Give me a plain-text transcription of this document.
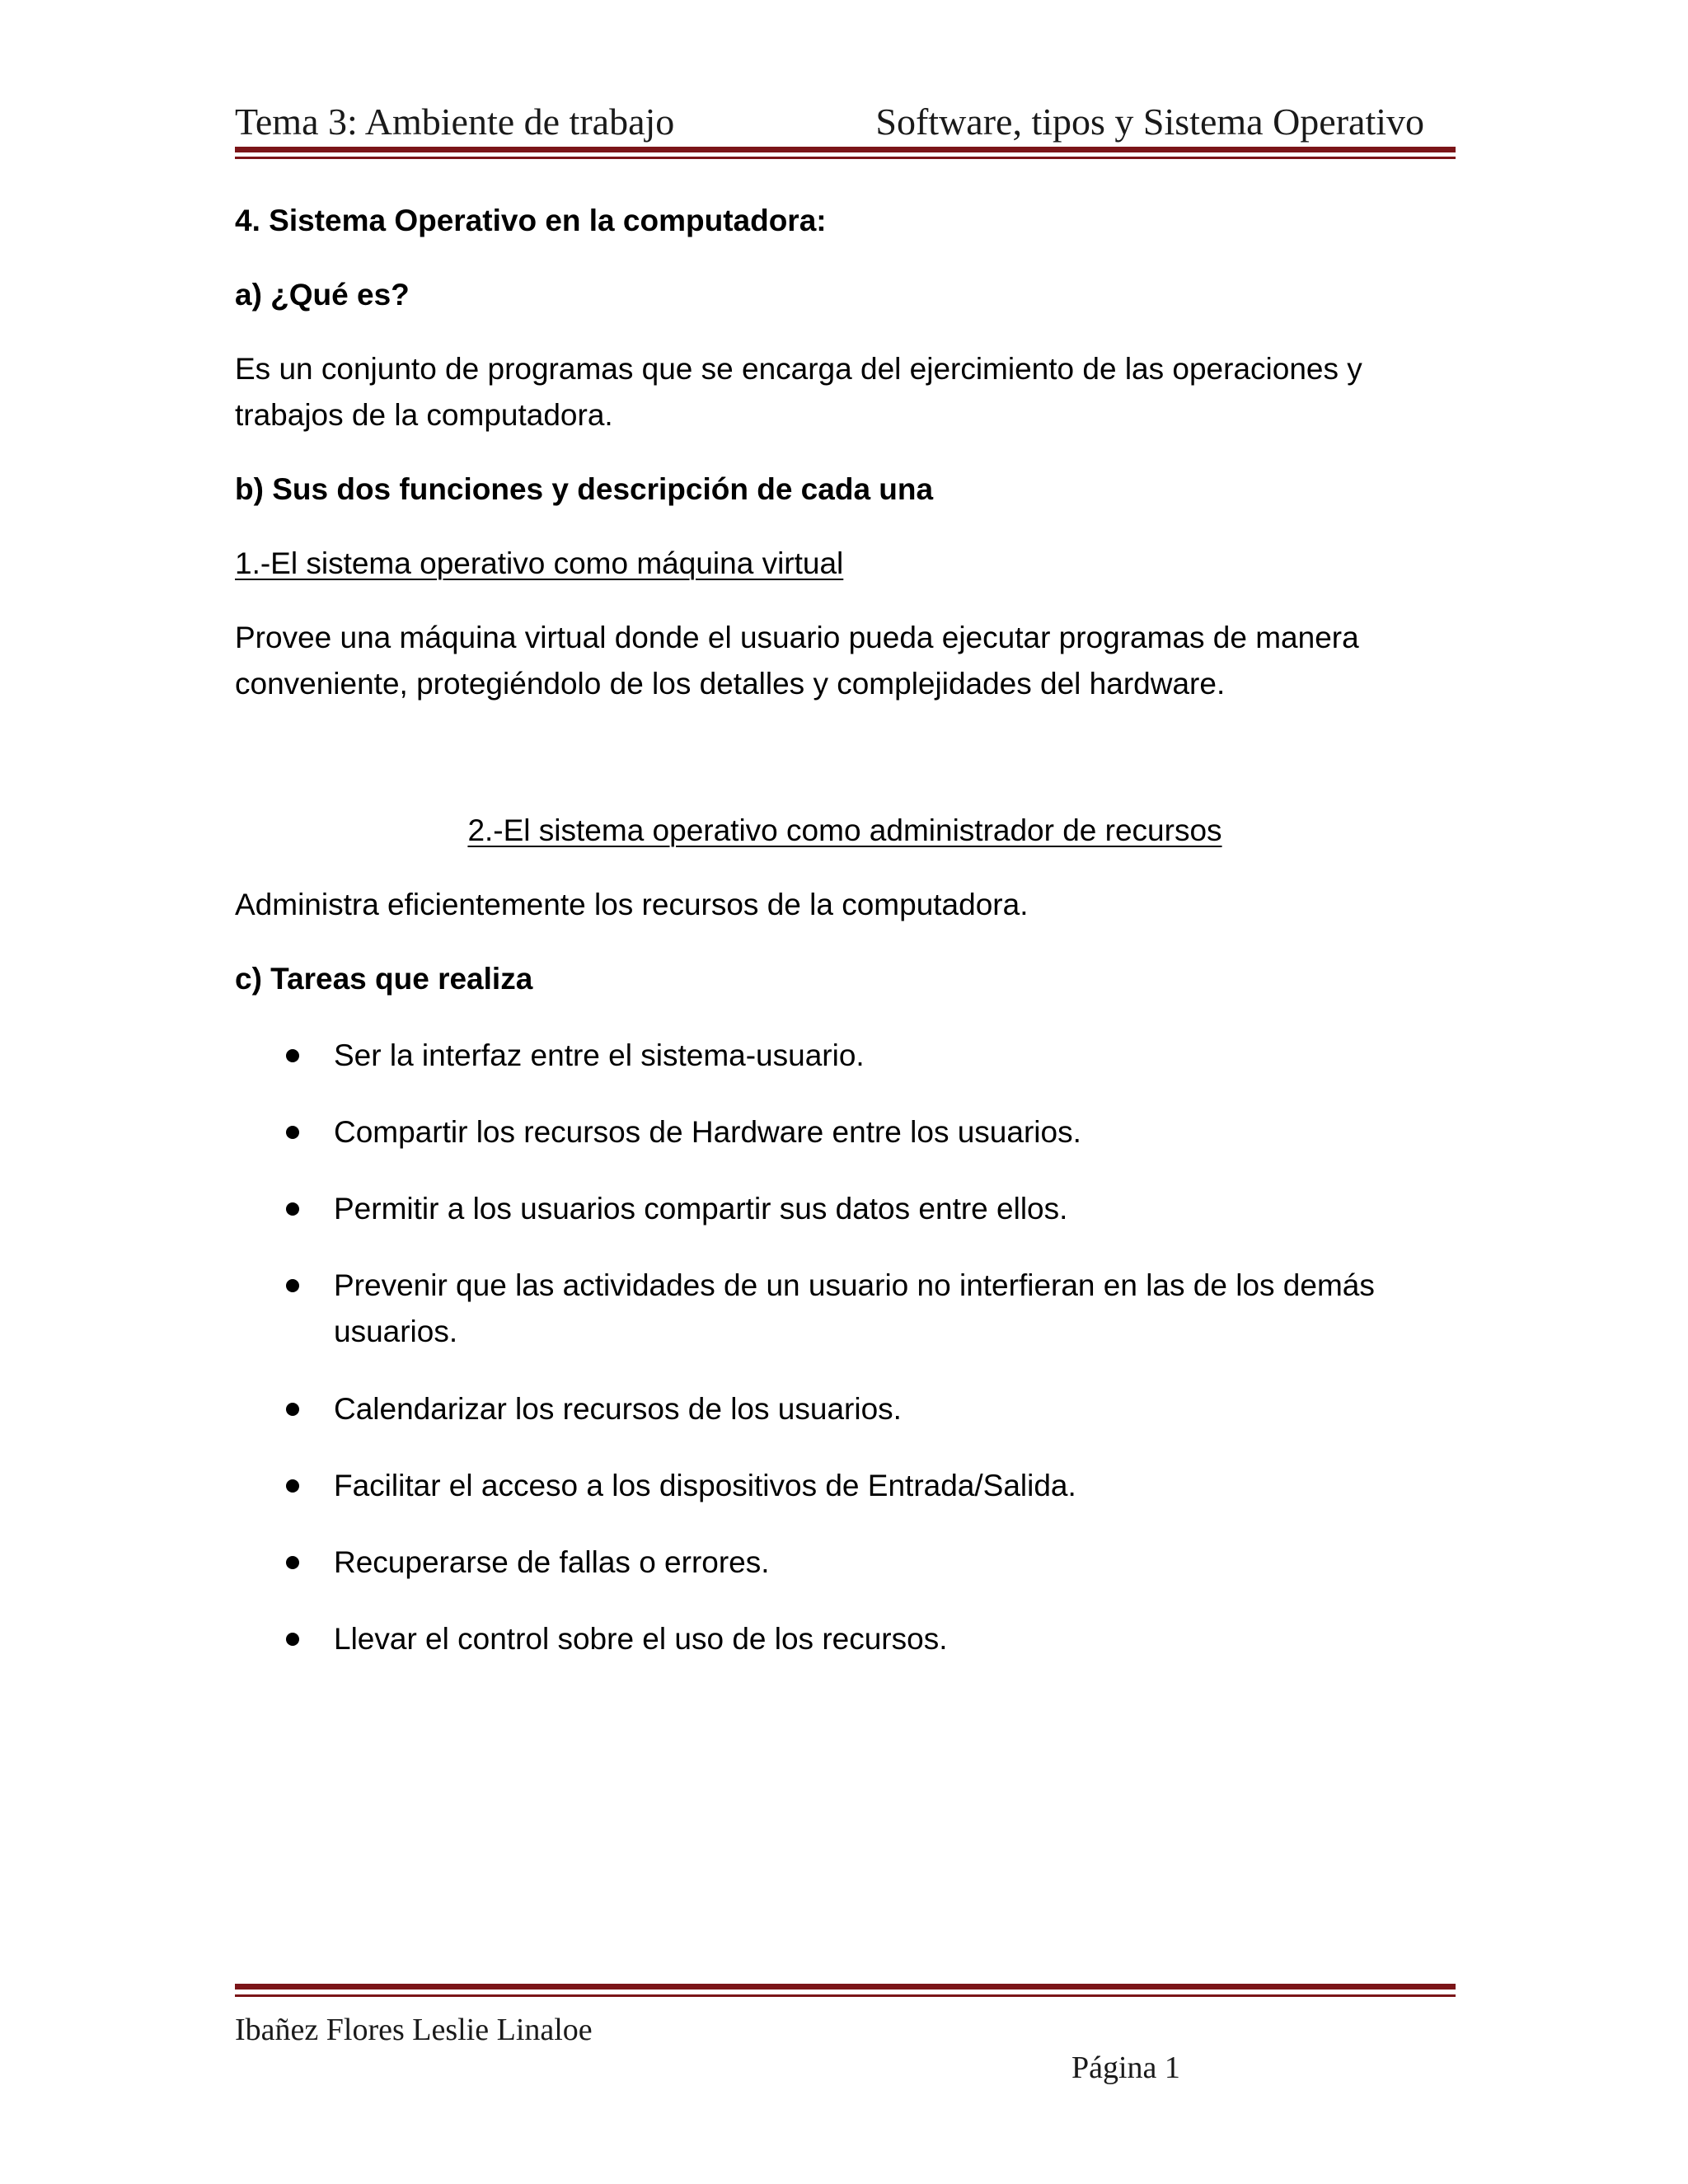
Tema 3: Ambiente de trabajo	Software, tipos y Sistema Operativo

4. Sistema Operativo en la computadora:

a) ¿Qué es?

Es un conjunto de programas que se encarga del ejercimiento de las operaciones y trabajos de la computadora.

b) Sus dos funciones y descripción de cada una

1.-El sistema operativo como máquina virtual

Provee una máquina virtual donde el usuario pueda ejecutar programas de manera conveniente, protegiéndolo de los detalles y complejidades del hardware.

2.-El sistema operativo como administrador de recursos

Administra eficientemente los recursos de la computadora.

c) Tareas que realiza

Ser la interfaz entre el sistema-usuario.
Compartir los recursos de Hardware entre los usuarios.
Permitir a los usuarios compartir sus datos entre ellos.
Prevenir que las actividades de un usuario no interfieran en las de los demás usuarios.
Calendarizar los recursos de los usuarios.
Facilitar el acceso a los dispositivos de Entrada/Salida.
Recuperarse de fallas o errores.
Llevar el control sobre el uso de los recursos.
Ibañez Flores Leslie Linaloe
Página 1
